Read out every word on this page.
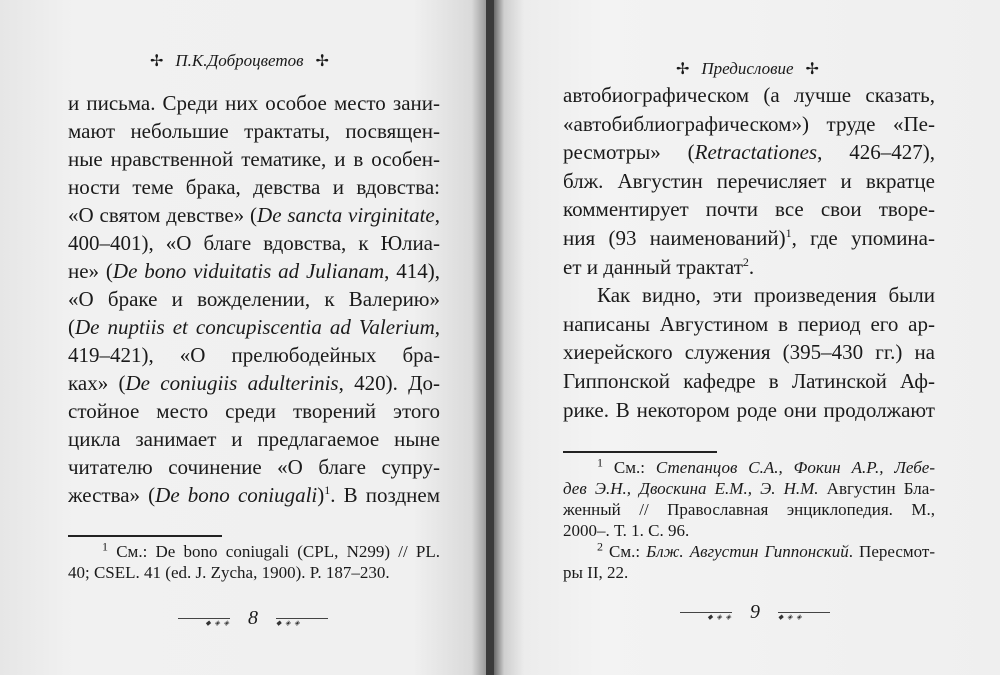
✢ П.К.Доброцветов ✢
и письма. Среди них особое место зани-
мают небольшие трактаты, посвящен-
ные нравственной тематике, и в особен-
ности теме брака, девства и вдовства:
«О святом девстве» (De sancta virginitate,
400–401), «О благе вдовства, к Юлиа-
не» (De bono viduitatis ad Julianam, 414),
«О браке и вожделении, к Валерию»
(De nuptiis et concupiscentia ad Valerium,
419–421), «О прелюбодейных бра-
ках» (De coniugiis adulterinis, 420). До-
стойное место среди творений этого
цикла занимает и предлагаемое ныне
читателю сочинение «О благе супру-
жества» (De bono coniugali)$^1$. В позднем
$^1$ См.: De bono coniugali (CPL, N299) // PL.
40; CSEL. 41 (ed. J. Zycha, 1900). P. 187–230.
◆ ◈ ◈
8
◆ ◈ ◈
✢ Предисловие ✢
автобиографическом (а лучше сказать,
«автобиблиографическом») труде «Пе-
ресмотры» (Retractationes, 426–427),
блж. Августин перечисляет и вкратце
комментирует почти все свои творе-
ния (93 наименований)$^1$, где упомина-
ет и данный трактат$^2$.
Как видно, эти произведения были
написаны Августином в период его ар-
хиерейского служения (395–430 гг.) на
Гиппонской кафедре в Латинской Аф-
рике. В некотором роде они продолжают
$^1$ См.: Степанцов С.А., Фокин А.Р., Лебе-
дев Э.Н., Двоскина Е.М., Э. Н.М. Августин Бла-
женный // Православная энциклопедия. М.,
2000–. Т. 1. С. 96.
$^2$ См.: Блж. Августин Гиппонский. Пересмот-
ры II, 22.
◆ ◈ ◈
9
◆ ◈ ◈
